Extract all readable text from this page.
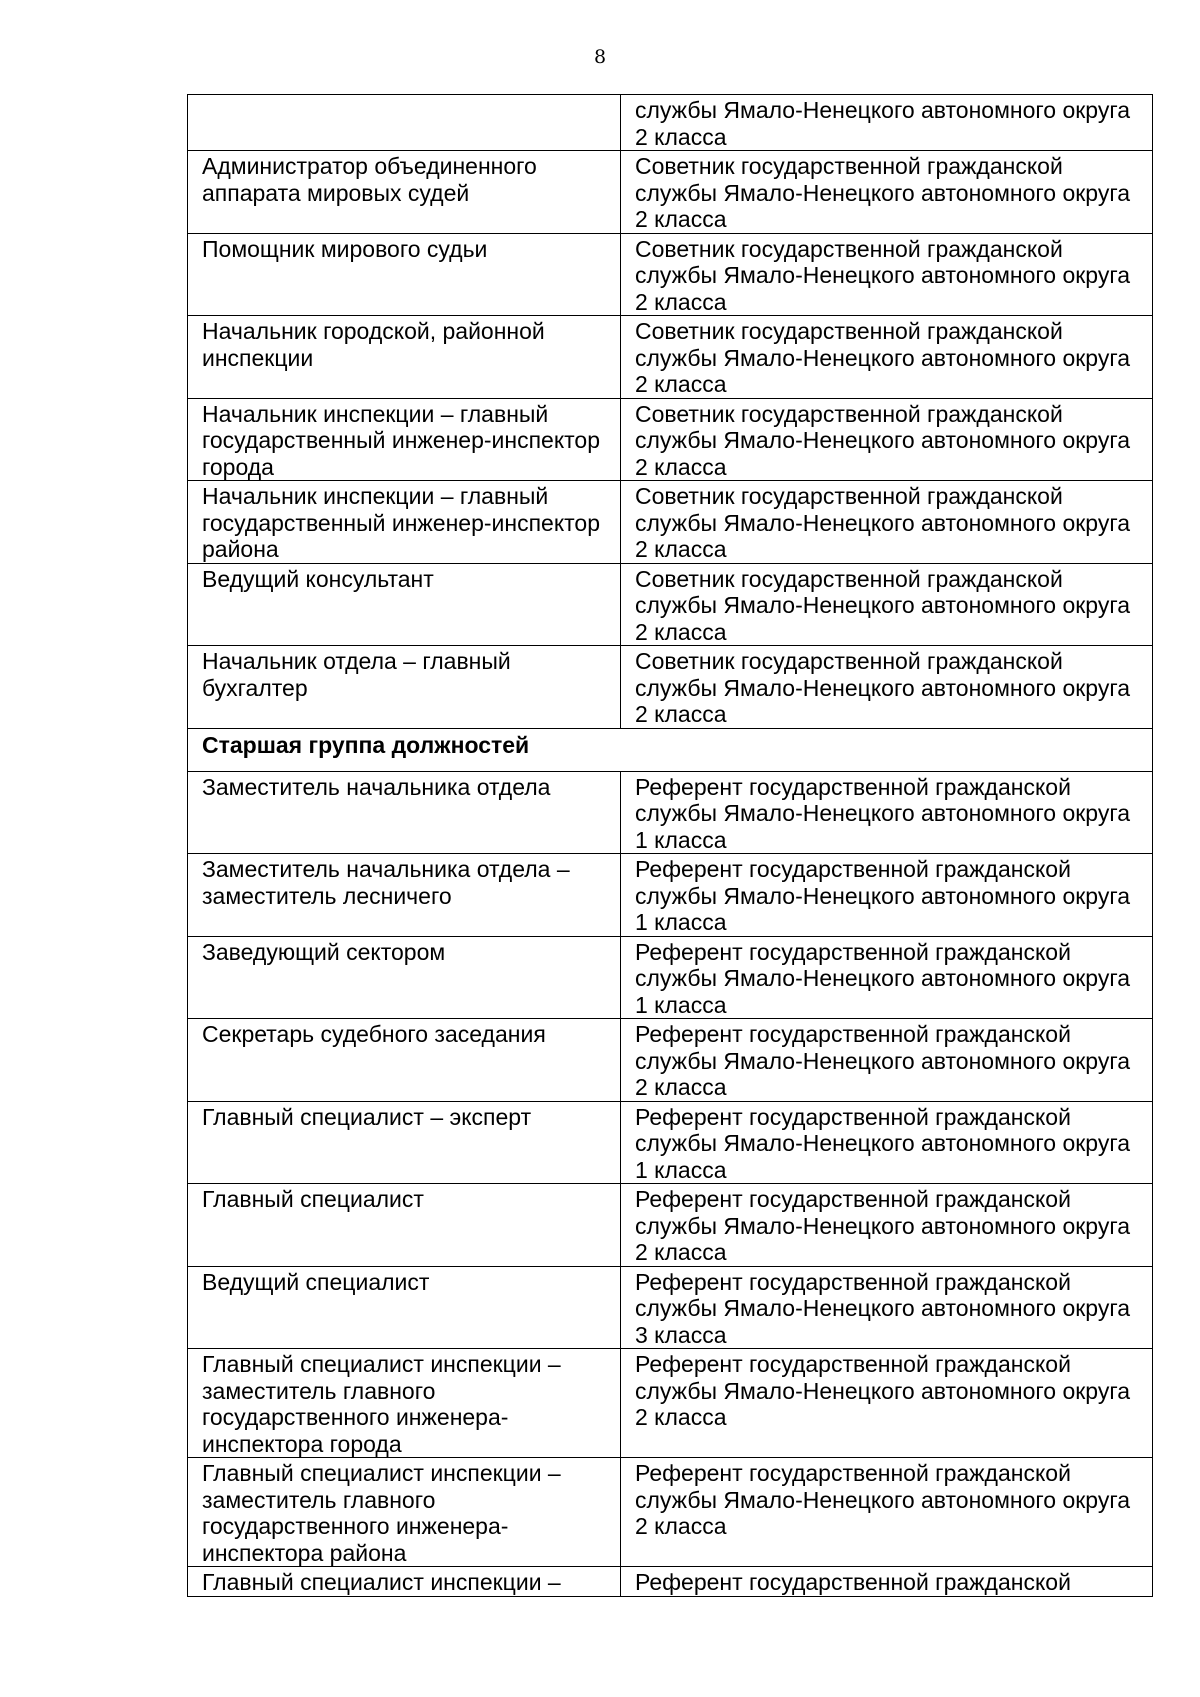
8
	службы Ямало-Ненецкого автономного округа 2 класса
Администратор объединенного аппарата мировых судей	Советник государственной гражданской службы Ямало-Ненецкого автономного округа 2 класса
Помощник мирового судьи	Советник государственной гражданской службы Ямало-Ненецкого автономного округа 2 класса
Начальник городской, районной инспекции	Советник государственной гражданской службы Ямало-Ненецкого автономного округа 2 класса
Начальник инспекции – главный государственный инженер-инспектор города	Советник государственной гражданской службы Ямало-Ненецкого автономного округа 2 класса
Начальник инспекции – главный государственный инженер-инспектор района	Советник государственной гражданской службы Ямало-Ненецкого автономного округа 2 класса
Ведущий консультант	Советник государственной гражданской службы Ямало-Ненецкого автономного округа 2 класса
Начальник отдела – главный бухгалтер	Советник государственной гражданской службы Ямало-Ненецкого автономного округа 2 класса
Старшая группа должностей	
Заместитель начальника отдела	Референт государственной гражданской службы Ямало-Ненецкого автономного округа 1 класса
Заместитель начальника отдела – заместитель лесничего	Референт государственной гражданской службы Ямало-Ненецкого автономного округа 1 класса
Заведующий сектором	Референт государственной гражданской службы Ямало-Ненецкого автономного округа 1 класса
Секретарь судебного заседания	Референт государственной гражданской службы Ямало-Ненецкого автономного округа 2 класса
Главный специалист – эксперт	Референт государственной гражданской службы Ямало-Ненецкого автономного округа 1 класса
Главный специалист	Референт государственной гражданской службы Ямало-Ненецкого автономного округа 2 класса
Ведущий специалист	Референт государственной гражданской службы Ямало-Ненецкого автономного округа 3 класса
Главный специалист инспекции – заместитель главного государственного инженера-инспектора города	Референт государственной гражданской службы Ямало-Ненецкого автономного округа 2 класса
Главный специалист инспекции – заместитель главного государственного инженера-инспектора района	Референт государственной гражданской службы Ямало-Ненецкого автономного округа 2 класса
Главный специалист инспекции –	Референт государственной гражданской
